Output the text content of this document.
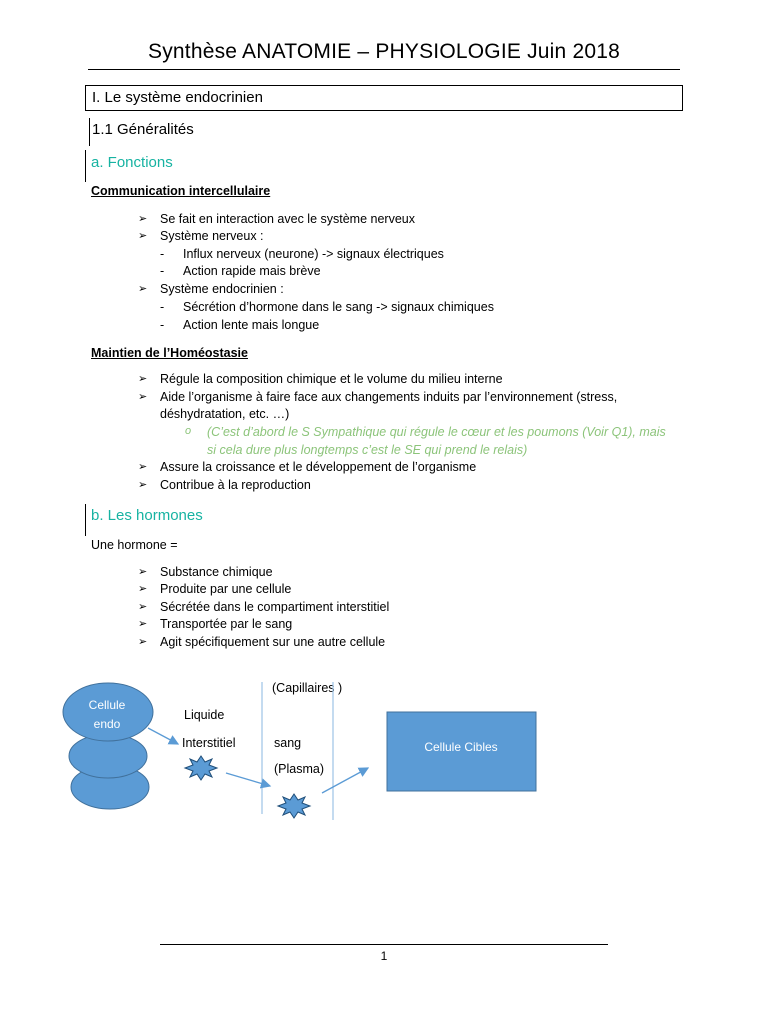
Synthèse ANATOMIE – PHYSIOLOGIE Juin 2018
I. Le système endocrinien
1.1 Généralités
a. Fonctions
Communication intercellulaire
➢ Se fait en interaction avec le système nerveux
➢ Système nerveux :
- Influx nerveux (neurone) -> signaux électriques
- Action rapide mais brève
➢ Système endocrinien :
- Sécrétion d’hormone dans le sang -> signaux chimiques
- Action lente mais longue
Maintien de l’Homéostasie
➢ Régule la composition chimique et le volume du milieu interne
➢ Aide l’organisme à faire face aux changements induits par l’environnement (stress,
déshydratation, etc. …)
o (C’est d’abord le S Sympathique qui régule le cœur et les poumons (Voir Q1), mais
si cela dure plus longtemps c’est le SE qui prend le relais)
➢ Assure la croissance et le développement de l’organisme
➢ Contribue à la reproduction
b. Les hormones
Une hormone =
➢ Substance chimique
➢ Produite par une cellule
➢ Sécrétée dans le compartiment interstitiel
➢ Transportée par le sang
➢ Agit spécifiquement sur une autre cellule
Cellule
endo
Liquide
Interstitiel
(Capillaires )
sang
(Plasma)
Cellule Cibles
1
